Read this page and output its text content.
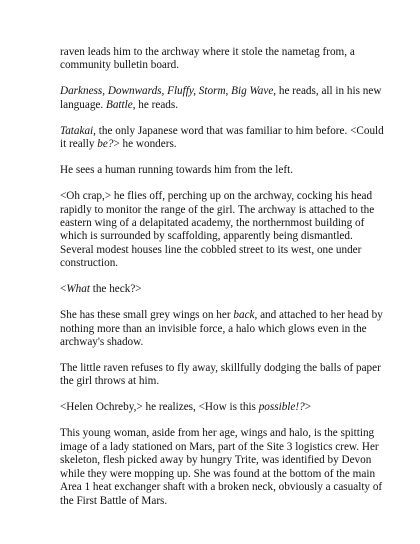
raven leads him to the archway where it stole the nametag from, a community bulletin board.

Darkness, Downwards, Fluffy, Storm, Big Wave, he reads, all in his new language. Battle, he reads.

Tatakai, the only Japanese word that was familiar to him before. <Could it really be?> he wonders.

He sees a human running towards him from the left.

<Oh crap,> he flies off, perching up on the archway, cocking his head rapidly to monitor the range of the girl. The archway is attached to the eastern wing of a delapitated academy, the northernmost building of which is surrounded by scaffolding, apparently being dismantled. Several modest houses line the cobbled street to its west, one under construction.

<What the heck?>

She has these small grey wings on her back, and attached to her head by nothing more than an invisible force, a halo which glows even in the archway's shadow.

The little raven refuses to fly away, skillfully dodging the balls of paper the girl throws at him.

<Helen Ochreby,> he realizes, <How is this possible!?>

This young woman, aside from her age, wings and halo, is the spitting image of a lady stationed on Mars, part of the Site 3 logistics crew. Her skeleton, flesh picked away by hungry Trite, was identified by Devon while they were mopping up. She was found at the bottom of the main Area 1 heat exchanger shaft with a broken neck, obviously a casualty of the First Battle of Mars.
